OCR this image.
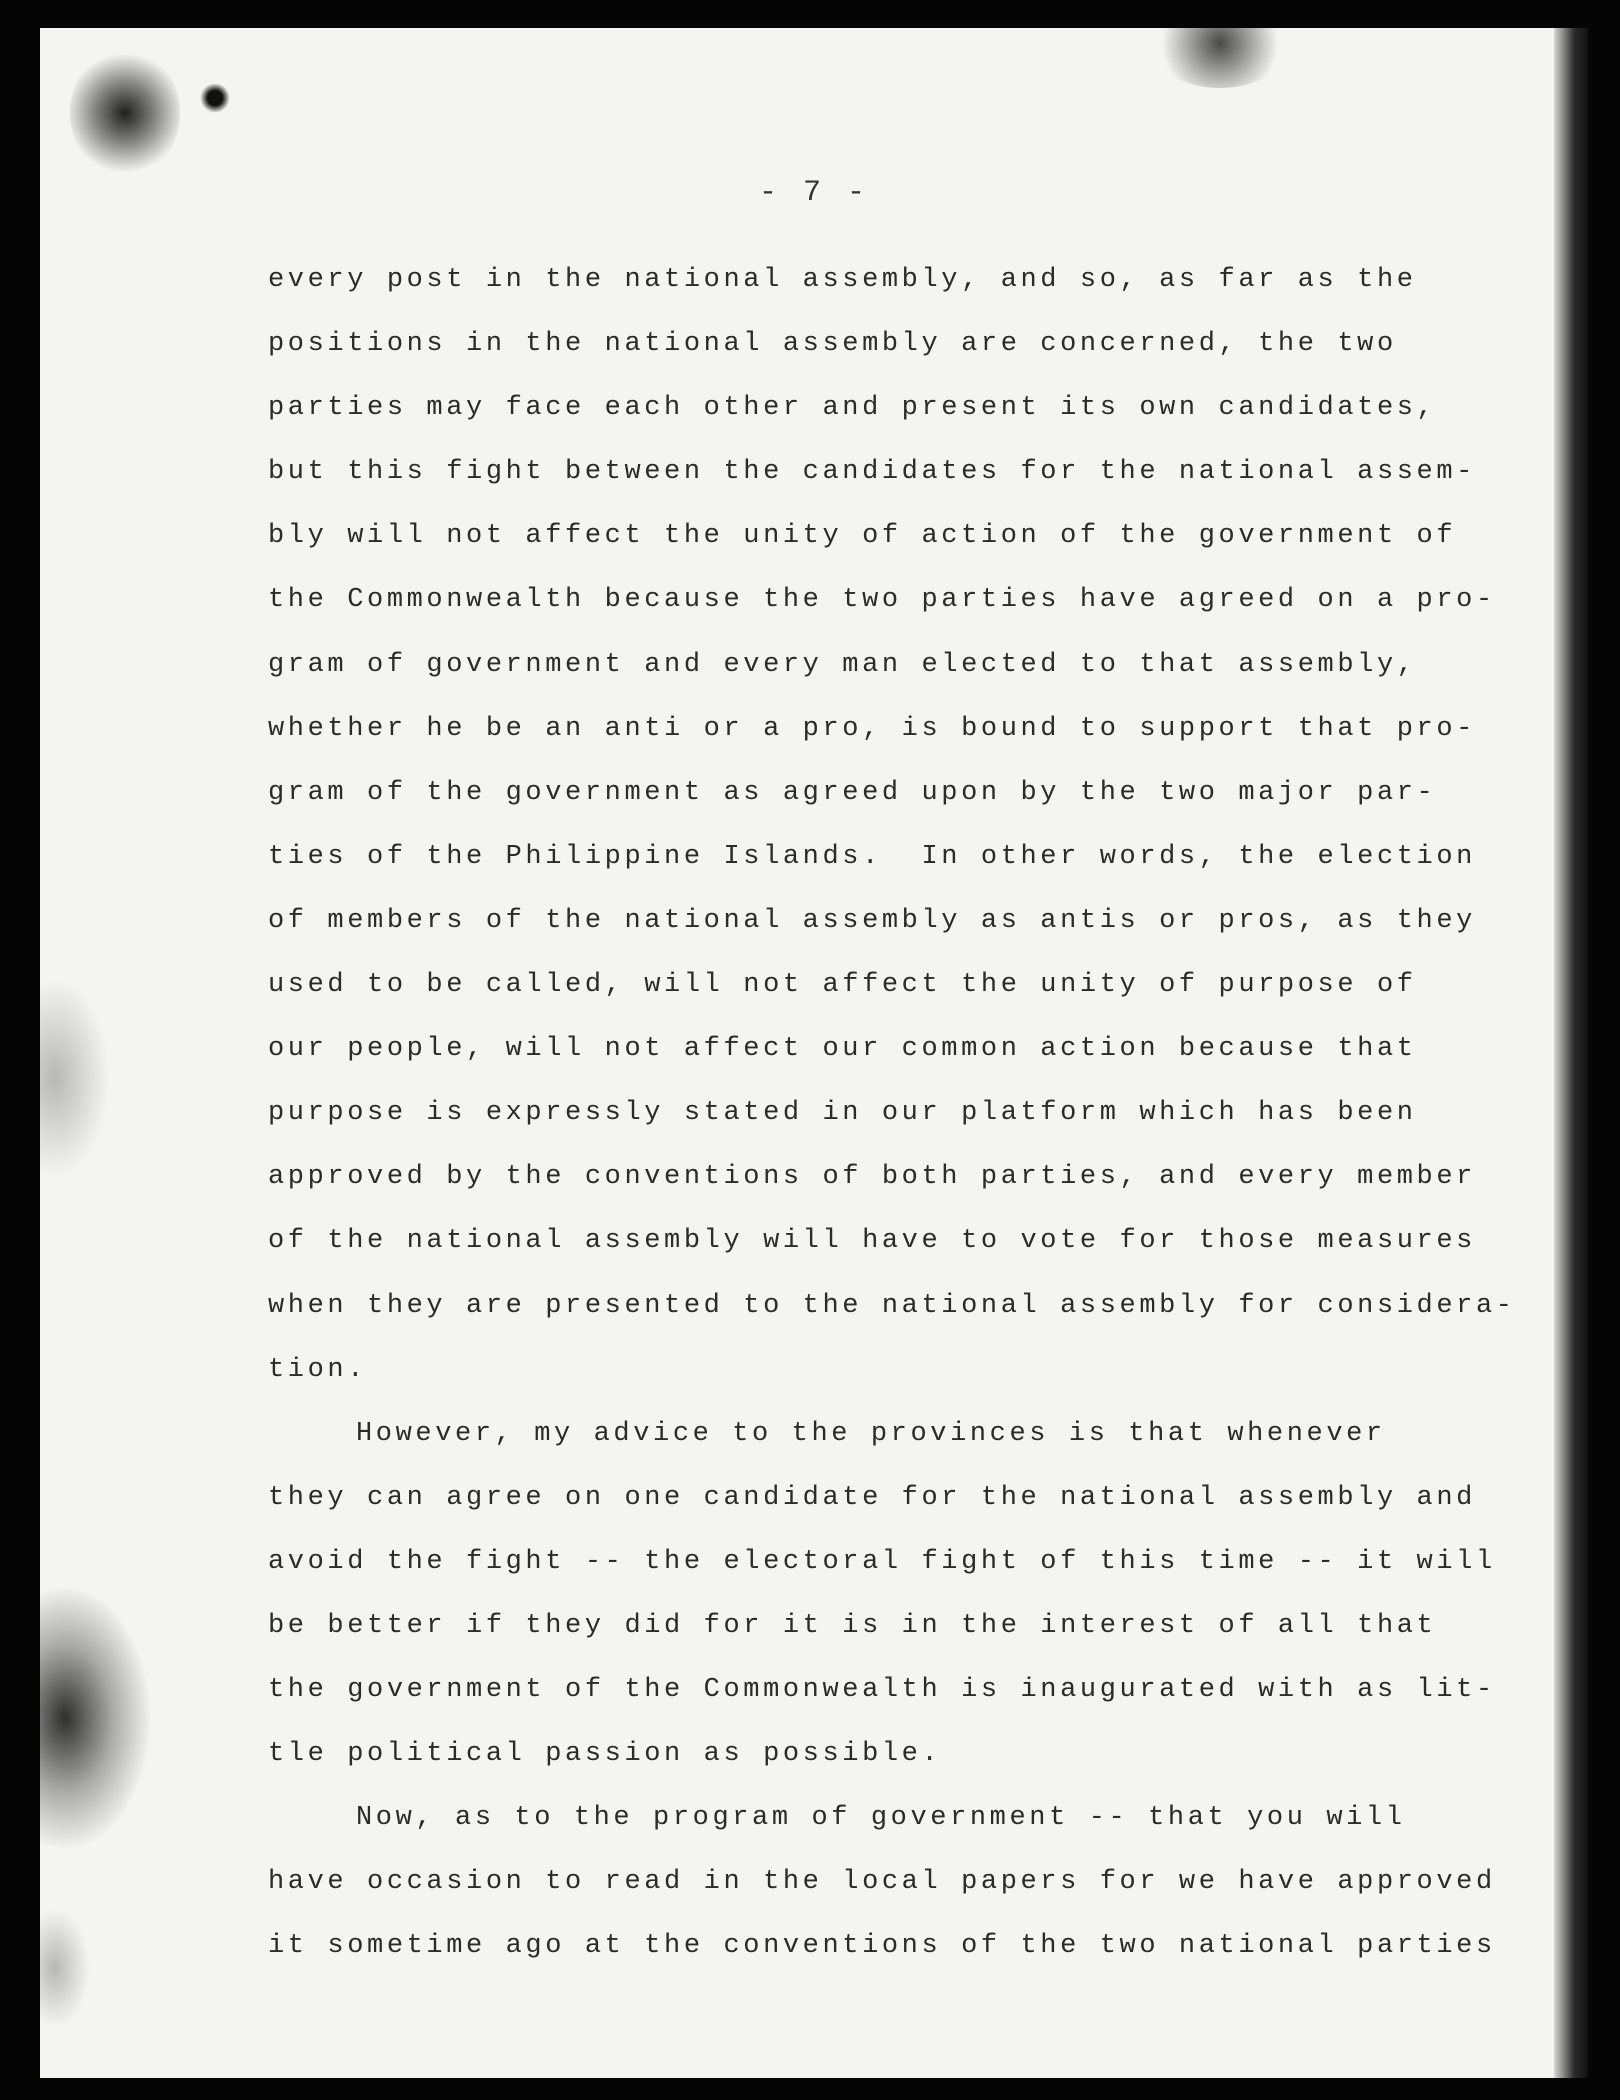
- 7 -
every post in the national assembly, and so, as far as the
positions in the national assembly are concerned, the two
parties may face each other and present its own candidates,
but this fight between the candidates for the national assem-
bly will not affect the unity of action of the government of
the Commonwealth because the two parties have agreed on a pro-
gram of government and every man elected to that assembly,
whether he be an anti or a pro, is bound to support that pro-
gram of the government as agreed upon by the two major par-
ties of the Philippine Islands.  In other words, the election
of members of the national assembly as antis or pros, as they
used to be called, will not affect the unity of purpose of
our people, will not affect our common action because that
purpose is expressly stated in our platform which has been
approved by the conventions of both parties, and every member
of the national assembly will have to vote for those measures
when they are presented to the national assembly for considera-
tion.
However, my advice to the provinces is that whenever
they can agree on one candidate for the national assembly and
avoid the fight -- the electoral fight of this time -- it will
be better if they did for it is in the interest of all that
the government of the Commonwealth is inaugurated with as lit-
tle political passion as possible.
Now, as to the program of government -- that you will
have occasion to read in the local papers for we have approved
it sometime ago at the conventions of the two national parties
